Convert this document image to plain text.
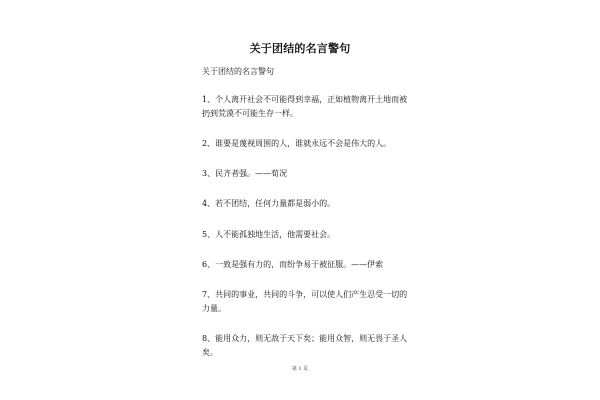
关于团结的名言警句
关于团结的名言警句
1、个人离开社会不可能得到幸福，正如植物离开土地而被扔到荒漠不可能生存一样。
2、谁要是蔑视周围的人，谁就永远不会是伟大的人。
3、民齐者强。——荀况
4、若不团结，任何力量都是弱小的。
5、人不能孤独地生活，他需要社会。
6、一致是强有力的，而纷争易于被征服。——伊索
7、共同的事业，共同的斗争，可以使人们产生忍受一切的力量。
8、能用众力，则无敌于天下矣；能用众智，则无畏于圣人矣。
第 1 页
